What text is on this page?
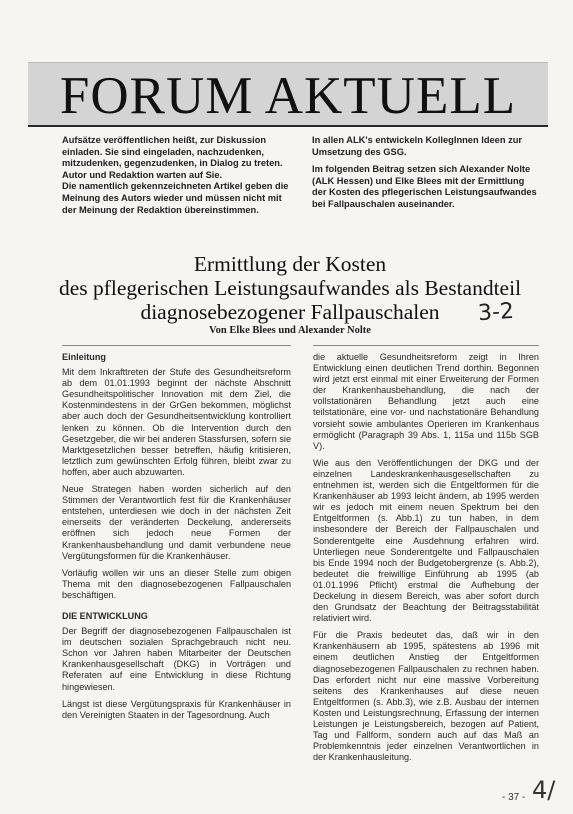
FORUM AKTUELL

Aufsätze veröffentlichen heißt, zur Diskussion einladen. Sie sind eingeladen, nachzudenken, mitzudenken, gegenzudenken, in Dialog zu treten. Autor und Redaktion warten auf Sie.

Die namentlich gekennzeichneten Artikel geben die Meinung des Autors wieder und müssen nicht mit der Meinung der Redaktion übereinstimmen.

In allen ALK's entwickeln KollegInnen Ideen zur Umsetzung des GSG.

Im folgenden Beitrag setzen sich Alexander Nolte (ALK Hessen) und Elke Blees mit der Ermittlung der Kosten des pflegerischen Leistungsaufwandes bei Fallpauschalen auseinander.

Ermittlung der Kosten
des pflegerischen Leistungsaufwandes als Bestandteil
diagnosebezogener Fallpauschalen	3-2
Von Elke Blees und Alexander Nolte

Einleitung

Mit dem Inkrafttreten der Stufe des Gesundheitsreform ab dem 01.01.1993 beginnt der nächste Abschnitt Gesundheitspolitischer Innovation mit dem Ziel, die Kostenmindestens in der GrGen bekommen, möglichst aber auch doch der Gesundheitsentwicklung kontrolliert lenken zu können. Ob die Intervention durch den Gesetzgeber, die wir bei anderen Stassfursen, sofern sie Marktgesetzlichen besser betreffen, häufig kritisieren, letztlich zum gewünschten Erfolg führen, bleibt zwar zu hoffen, aber auch abzuwarten.

Neue Strategen haben worden sicherlich auf den Stimmen der Verantwortlich fest für die Krankenhäuser entstehen, unterdiesen wie doch in der nächsten Zeit einerseits der veränderten Deckelung, andererseits eröffnen sich jedoch neue Formen der Krankenhausbehandlung und damit verbundene neue Vergütungsformen für die Krankenhäuser.

Vorläufig wollen wir uns an dieser Stelle zum obigen Thema mit den diagnosebezogenen Fallpauschalen beschäftigen.

DIE ENTWICKLUNG

Der Begriff der diagnosebezogenen Fallpauschalen ist im deutschen sozialen Sprachgebrauch nicht neu. Schon vor Jahren haben Mitarbeiter der Deutschen Krankenhausgesellschaft (DKG) in Vorträgen und Referaten auf eine Entwicklung in diese Richtung hingewiesen.

Längst ist diese Vergütungspraxis für Krankenhäuser in den Vereinigten Staaten in der Tagesordnung. Auch

die aktuelle Gesundheitsreform zeigt in Ihren Entwicklung einen deutlichen Trend dorthin. Begonnen wird jetzt erst einmal mit einer Erweiterung der Formen der Krankenhausbehandlung, die nach der vollstationären Behandlung jetzt auch eine teilstationäre, eine vor- und nachstationäre Behandlung vorsieht sowie ambulantes Operieren im Krankenhaus ermöglicht (Paragraph 39 Abs. 1, 115a und 115b SGB V).

Wie aus den Veröffentlichungen der DKG und der einzelnen Landeskrankenhausgesellschaften zu entnehmen ist, werden sich die Entgeltformen für die Krankenhäuser ab 1993 leicht ändern, ab 1995 werden wir es jedoch mit einem neuen Spektrum bei den Entgeltformen (s. Abb.1) zu tun haben, in dem insbesondere der Bereich der Fallpauschalen und Sonderentgelte eine Ausdehnung erfahren wird. Unterliegen neue Sonderentgelte und Fallpauschalen bis Ende 1994 noch der Budgetobergrenze (s. Abb.2), bedeutet die freiwillige Einführung ab 1995 (ab 01.01.1996 Pflicht) erstmal die Aufhebung der Deckelung in diesem Bereich, was aber sofort durch den Grundsatz der Beachtung der Beitragsstabilität relativiert wird.

Für die Praxis bedeutet das, daß wir in den Krankenhäusern ab 1995, spätestens ab 1996 mit einem deutlichen Anstieg der Entgeltformen diagnosebezogenen Fallpauschalen zu rechnen haben. Das erfordert nicht nur eine massive Vorbereitung seitens des Krankenhauses auf diese neuen Entgeltformen (s. Abb.3), wie z.B. Ausbau der internen Kosten und Leistungsrechnung, Erfassung der internen Leistungen je Leistungsbereich, bezogen auf Patient, Tag und Fallform, sondern auch auf das Maß an Problemkenntnis jeder einzelnen Verantwortlichen in der Krankenhausleitung.

- 37 - 4/
